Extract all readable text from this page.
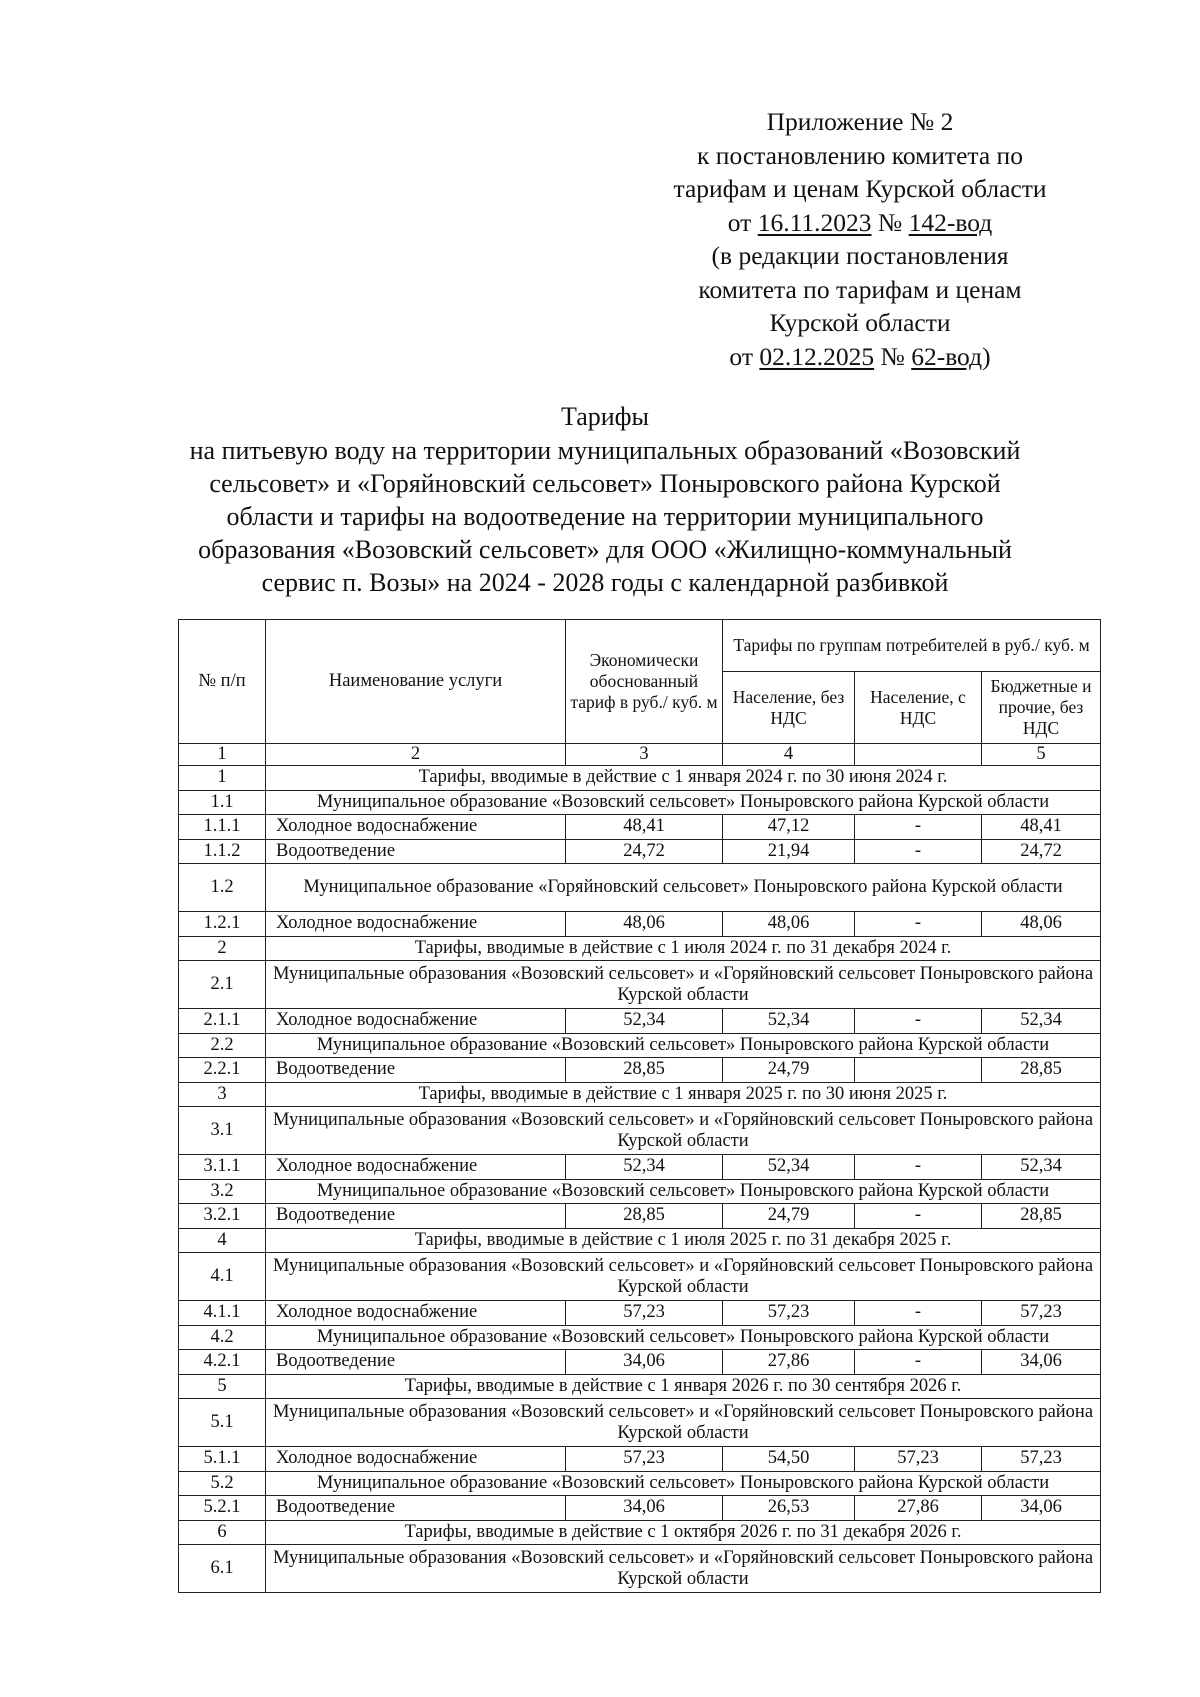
Приложение № 2
к постановлению комитета по
тарифам и ценам Курской области
от 16.11.2023 № 142-вод
(в редакции постановления
комитета по тарифам и ценам
Курской области
от 02.12.2025 № 62-вод)
Тарифы
на питьевую воду на территории муниципальных образований «Возовский
сельсовет» и «Горяйновский сельсовет» Поныровского района Курской
области и тарифы на водоотведение на территории муниципального
образования «Возовский сельсовет» для ООО «Жилищно-коммунальный
сервис п. Возы» на 2024 - 2028 годы с календарной разбивкой
№ п/п	Наименование услуги	Экономически обоснованный тариф в руб./ куб. м	Тарифы по группам потребителей в руб./ куб. м		
			Население, без НДС	Население, с НДС	Бюджетные и прочие, без НДС
1	2	3	4		5
1	Тарифы, вводимые в действие с 1 января 2024 г. по 30 июня 2024 г.				
1.1	Муниципальное образование «Возовский сельсовет» Поныровского района Курской области				
1.1.1	Холодное водоснабжение	48,41	47,12	-	48,41
1.1.2	Водоотведение	24,72	21,94	-	24,72
1.2	Муниципальное образование «Горяйновский сельсовет» Поныровского района Курской области				
1.2.1	Холодное водоснабжение	48,06	48,06	-	48,06
2	Тарифы, вводимые в действие с 1 июля 2024 г. по 31 декабря 2024 г.				
2.1	Муниципальные образования «Возовский сельсовет» и «Горяйновский сельсовет Поныровского района Курской области				
2.1.1	Холодное водоснабжение	52,34	52,34	-	52,34
2.2	Муниципальное образование «Возовский сельсовет» Поныровского района Курской области				
2.2.1	Водоотведение	28,85	24,79		28,85
3	Тарифы, вводимые в действие с 1 января 2025 г. по 30 июня 2025 г.				
3.1	Муниципальные образования «Возовский сельсовет» и «Горяйновский сельсовет Поныровского района Курской области				
3.1.1	Холодное водоснабжение	52,34	52,34	-	52,34
3.2	Муниципальное образование «Возовский сельсовет» Поныровского района Курской области				
3.2.1	Водоотведение	28,85	24,79	-	28,85
4	Тарифы, вводимые в действие с 1 июля 2025 г. по 31 декабря 2025 г.				
4.1	Муниципальные образования «Возовский сельсовет» и «Горяйновский сельсовет Поныровского района Курской области				
4.1.1	Холодное водоснабжение	57,23	57,23	-	57,23
4.2	Муниципальное образование «Возовский сельсовет» Поныровского района Курской области				
4.2.1	Водоотведение	34,06	27,86	-	34,06
5	Тарифы, вводимые в действие с 1 января 2026 г. по 30 сентября 2026 г.				
5.1	Муниципальные образования «Возовский сельсовет» и «Горяйновский сельсовет Поныровского района Курской области				
5.1.1	Холодное водоснабжение	57,23	54,50	57,23	57,23
5.2	Муниципальное образование «Возовский сельсовет» Поныровского района Курской области				
5.2.1	Водоотведение	34,06	26,53	27,86	34,06
6	Тарифы, вводимые в действие с 1 октября 2026 г. по 31 декабря 2026 г.				
6.1	Муниципальные образования «Возовский сельсовет» и «Горяйновский сельсовет Поныровского района Курской области				
